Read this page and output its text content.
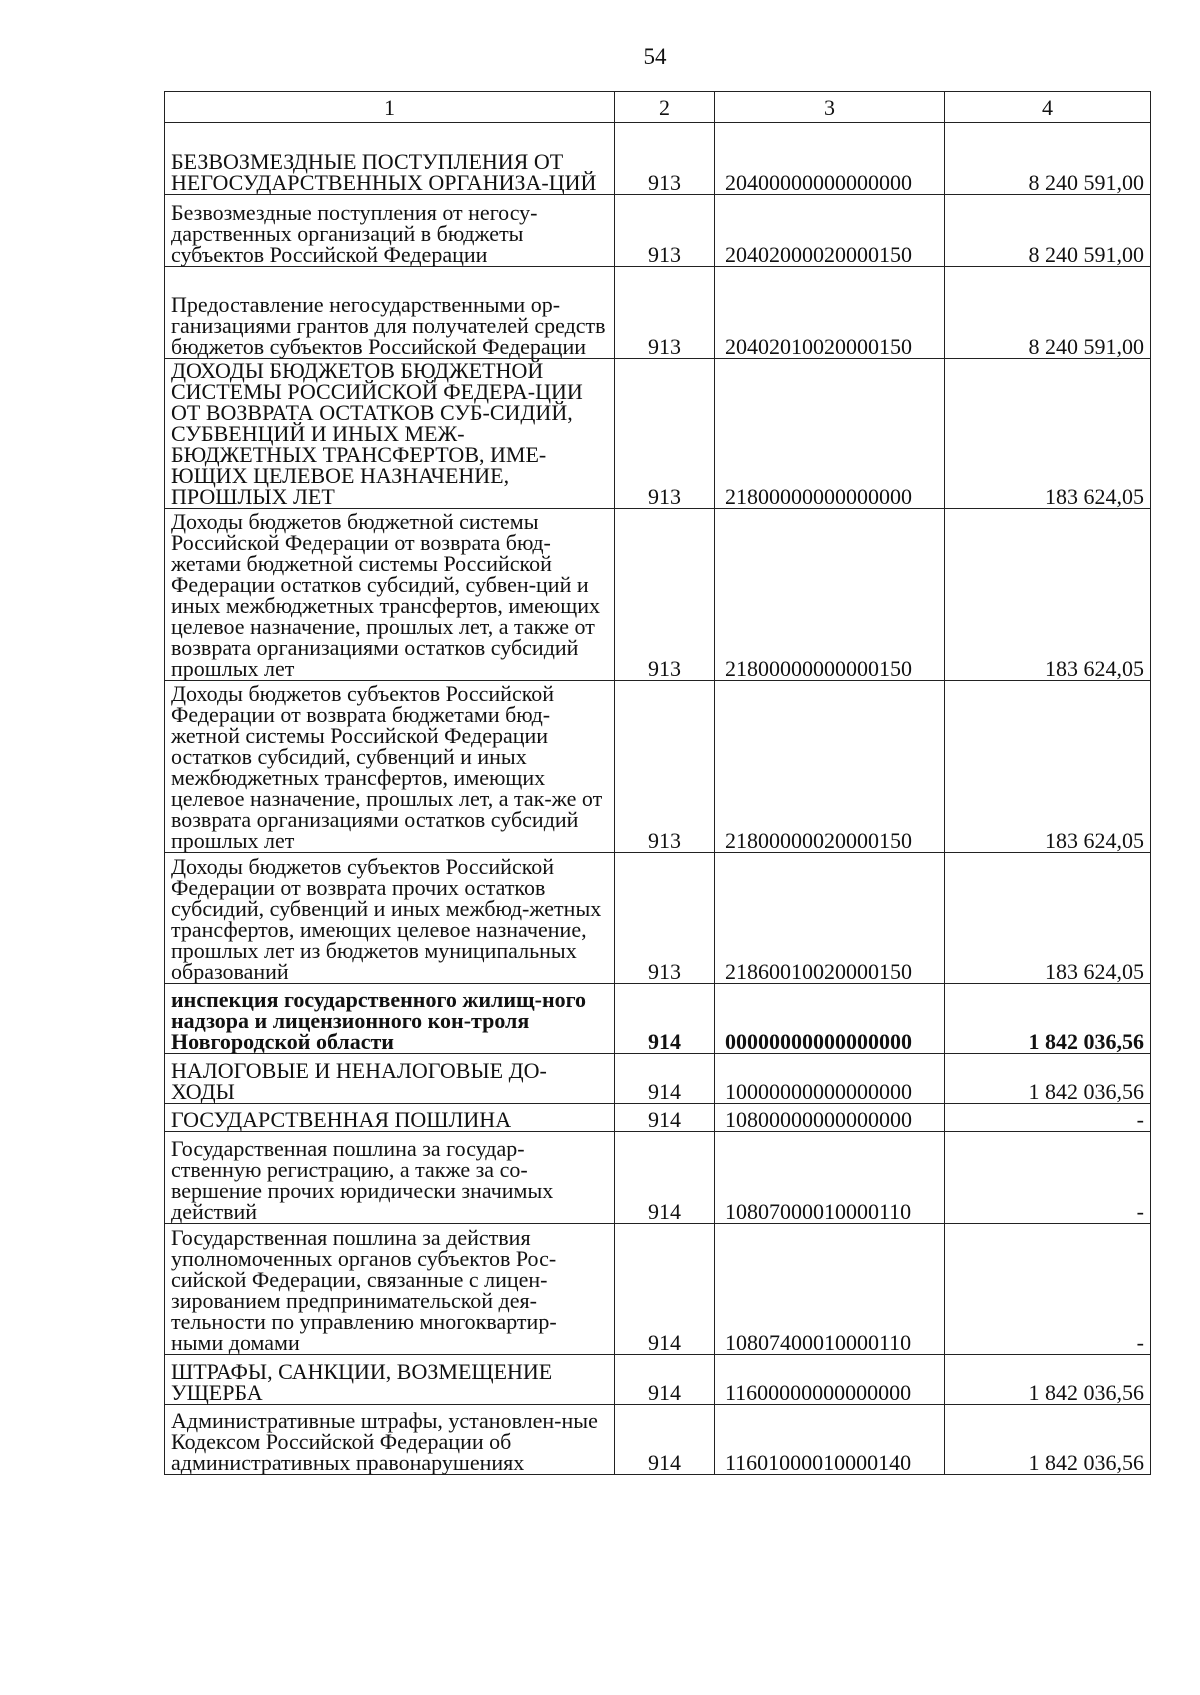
54
1	2	3	4
БЕЗВОЗМЕЗДНЫЕ ПОСТУПЛЕНИЯ ОТ НЕГОСУДАРСТВЕННЫХ ОРГАНИЗА-ЦИЙ	913	20400000000000000	8 240 591,00
Безвозмездные поступления от негосу-дарственных организаций в бюджеты субъектов Российской Федерации	913	20402000020000150	8 240 591,00
Предоставление негосударственными ор-ганизациями грантов для получателей средств бюджетов субъектов Российской Федерации	913	20402010020000150	8 240 591,00
ДОХОДЫ БЮДЖЕТОВ БЮДЖЕТНОЙ СИСТЕМЫ РОССИЙСКОЙ ФЕДЕРА-ЦИИ ОТ ВОЗВРАТА ОСТАТКОВ СУБ-СИДИЙ, СУБВЕНЦИЙ И ИНЫХ МЕЖ-БЮДЖЕТНЫХ ТРАНСФЕРТОВ, ИМЕ-ЮЩИХ ЦЕЛЕВОЕ НАЗНАЧЕНИЕ, ПРОШЛЫХ ЛЕТ	913	21800000000000000	183 624,05
Доходы бюджетов бюджетной системы Российской Федерации от возврата бюд-жетами бюджетной системы Российской Федерации остатков субсидий, субвен-ций и иных межбюджетных трансфертов, имеющих целевое назначение, прошлых лет, а также от возврата организациями остатков субсидий прошлых лет	913	21800000000000150	183 624,05
Доходы бюджетов субъектов Российской Федерации от возврата бюджетами бюд-жетной системы Российской Федерации остатков субсидий, субвенций и иных межбюджетных трансфертов, имеющих целевое назначение, прошлых лет, а так-же от возврата организациями остатков субсидий прошлых лет	913	21800000020000150	183 624,05
Доходы бюджетов субъектов Российской Федерации от возврата прочих остатков субсидий, субвенций и иных межбюд-жетных трансфертов, имеющих целевое назначение, прошлых лет из бюджетов муниципальных образований	913	21860010020000150	183 624,05
инспекция государственного жилищ-ного надзора и лицензионного кон-троля Новгородской области	914	00000000000000000	1 842 036,56
НАЛОГОВЫЕ И НЕНАЛОГОВЫЕ ДО-ХОДЫ	914	10000000000000000	1 842 036,56
ГОСУДАРСТВЕННАЯ ПОШЛИНА	914	10800000000000000	-
Государственная пошлина за государ-ственную регистрацию, а также за со-вершение прочих юридически значимых действий	914	10807000010000110	-
Государственная пошлина за действия уполномоченных органов субъектов Рос-сийской Федерации, связанные с лицен-зированием предпринимательской дея-тельности по управлению многоквартир-ными домами	914	10807400010000110	-
ШТРАФЫ, САНКЦИИ, ВОЗМЕЩЕНИЕ УЩЕРБА	914	11600000000000000	1 842 036,56
Административные штрафы, установлен-ные Кодексом Российской Федерации об административных правонарушениях	914	11601000010000140	1 842 036,56
